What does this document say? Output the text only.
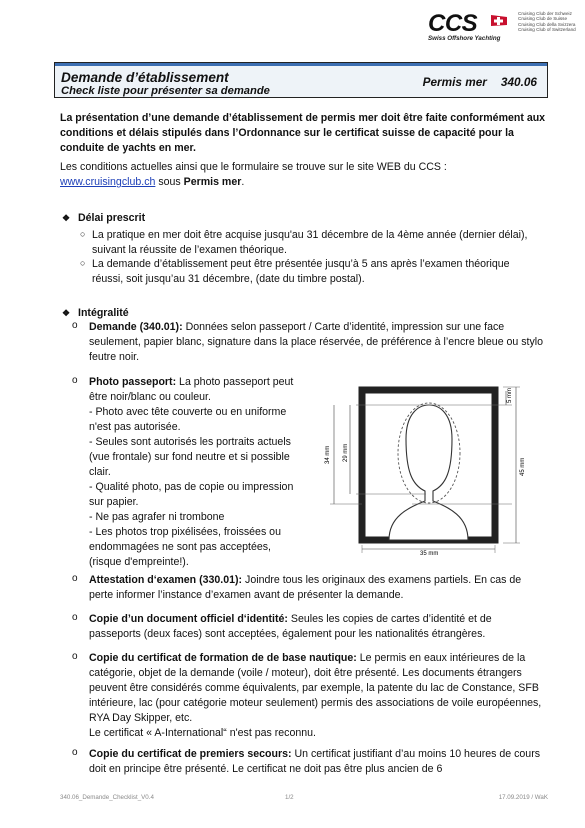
CCS	Cruising Club der Schweiz
Cruising Club de Suisse
Cruising Club della Svizzera
Cruising Club of Switzerland
Swiss Offshore Yachting
Demande d’établissement
Check liste pour présenter sa demande
Permis mer 340.06
La présentation d’une demande d’établissement de permis mer doit être faite conformément aux conditions et délais stipulés dans l’Ordonnance sur le certificat suisse de capacité pour la conduite de yachts en mer.
Les conditions actuelles ainsi que le formulaire se trouve sur le site WEB du CCS :
www.cruisingclub.ch sous Permis mer.
❖ Délai prescrit
○ La pratique en mer doit être acquise jusqu'au 31 décembre de la 4ème année (dernier délai), suivant la réussite de l’examen théorique.
○ La demande d’établissement peut être présentée jusqu’à 5 ans après l’examen théorique réussi, soit jusqu’au 31 décembre, (date du timbre postal).
❖ Intégralité
o Demande (340.01): Données selon passeport / Carte d’identité, impression sur une face seulement, papier blanc, signature dans la place réservée, de préférence à l’encre bleue ou stylo feutre noir.
o Photo passeport: La photo passeport peut être noir/blanc ou couleur.
- Photo avec tête couverte ou en uniforme n'est pas autorisée.
- Seules sont autorisés les portraits actuels (vue frontale) sur fond neutre et si possible clair.
- Qualité photo, pas de copie ou impression sur papier.
- Ne pas agrafer ni trombone
- Les photos trop pixélisées, froissées ou endommagées ne sont pas acceptées, (risque d'empreinte!).
5 mm
45 mm
34 mm 29 mm
35 mm
o Attestation d‘examen (330.01): Joindre tous les originaux des examens partiels. En cas de perte informer l’instance d’examen avant de présenter la demande.
o Copie d’un document officiel d‘identité: Seules les copies de cartes d’identité et de passeports (deux faces) sont acceptées, également pour les nationalités étrangères.
o Copie du certificat de formation de de base nautique: Le permis en eaux intérieures de la catégorie, objet de la demande (voile / moteur), doit être présenté. Les documents étrangers peuvent être considérés comme équivalents, par exemple, la patente du lac de Constance, SFB intérieure, lac (pour catégorie moteur seulement) permis des associations de voile européennes, RYA Day Skipper, etc.
Le certificat « A-International“ n'est pas reconnu.
o Copie du certificat de premiers secours: Un certificat justifiant d’au moins 10 heures de cours doit en principe être présenté. Le certificat ne doit pas être plus ancien de 6
340.06_Demande_Checklist_V0.4	1/2	17.09.2019 / WaK
